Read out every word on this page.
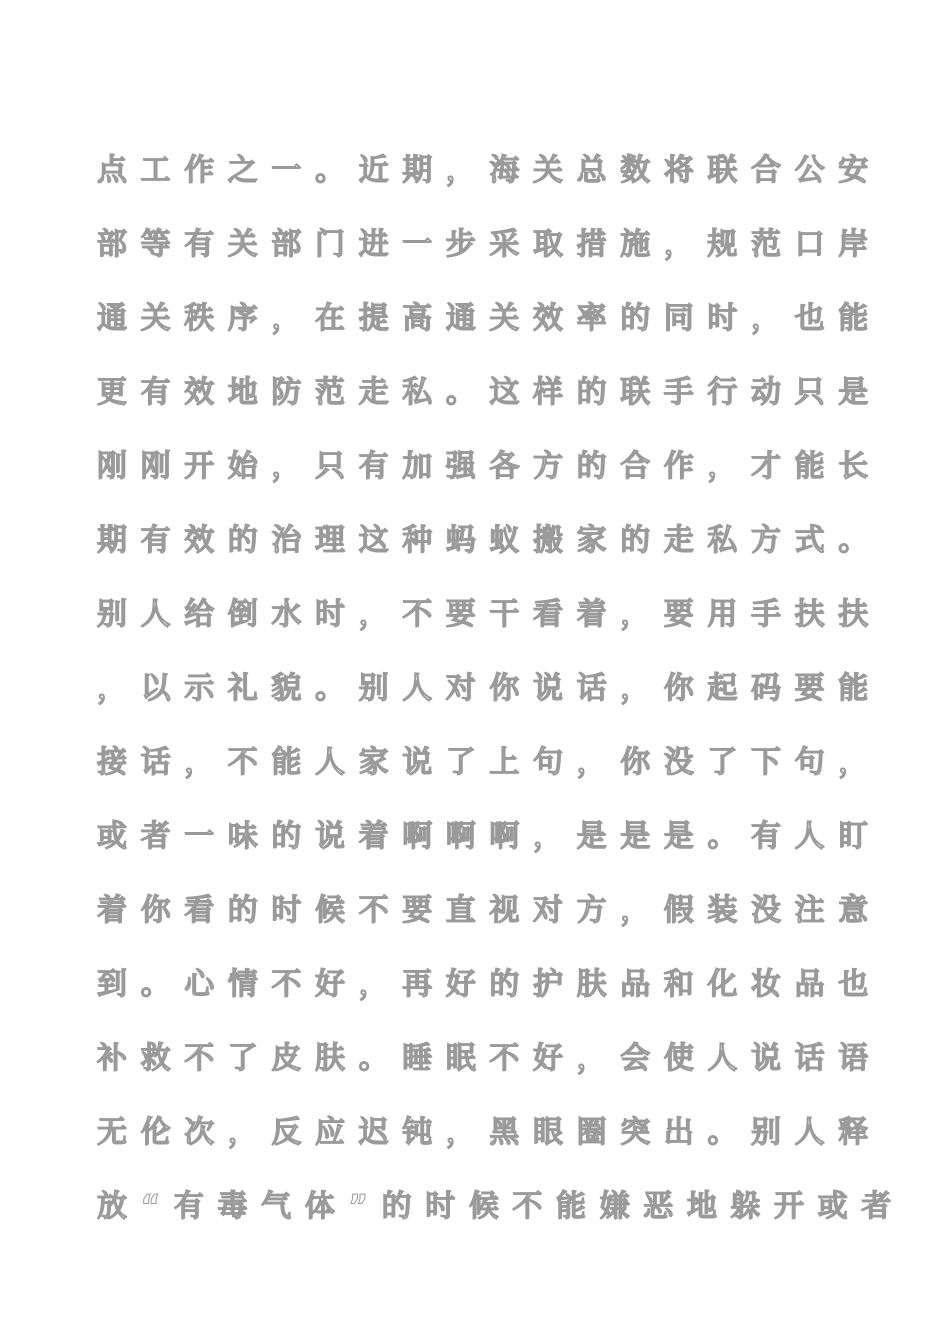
点工作之一。近期，海关总数将联合公安
部等有关部门进一步采取措施，规范口岸
通关秩序，在提高通关效率的同时，也能
更有效地防范走私。这样的联手行动只是
刚刚开始，只有加强各方的合作，才能长
期有效的治理这种蚂蚁搬家的走私方式。
别人给倒水时，不要干看着，要用手扶扶
，以示礼貌。别人对你说话，你起码要能
接话，不能人家说了上句，你没了下句，
或者一味的说着啊啊啊，是是是。有人盯
着你看的时候不要直视对方，假装没注意
到。心情不好，再好的护肤品和化妆品也
补救不了皮肤。睡眠不好，会使人说话语
无伦次，反应迟钝，黑眼圈突出。别人释
放“有毒气体”的时候不能嫌恶地躲开或者
